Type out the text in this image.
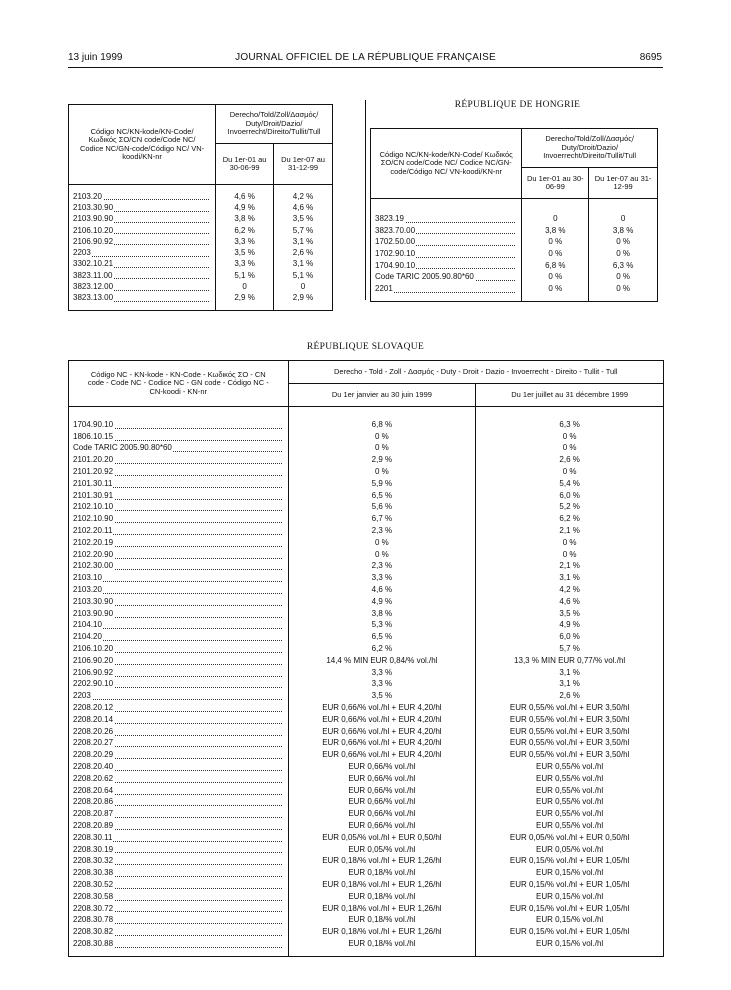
13 juin 1999	JOURNAL OFFICIEL DE LA RÉPUBLIQUE FRANÇAISE	8695
Código NC/KN-kode/KN-Code/ Κωδικός ΣΟ/CN code/Code NC/ Codice NC/GN-code/Código NC/ VN-koodi/KN-nr	Derecho/Told/Zoll/Δασμός/ Duty/Droit/Dazio/ Invoerrecht/Direito/Tullit/Tull	
	Du 1er-01 au 30-06-99	Du 1er-07 au 31-12-99

2103.20	4,6 %	4,2 %
2103.30.90	4,9 %	4,6 %
2103.90.90	3,8 %	3,5 %
2106.10.20	6,2 %	5,7 %
2106.90.92	3,3 %	3,1 %
2203	3,5 %	2,6 %
3302.10.21	3,3 %	3,1 %
3823.11.00	5,1 %	5,1 %
3823.12.00	0	0
3823.13.00	2,9 %	2,9 %

RÉPUBLIQUE DE HONGRIE
Código NC/KN-kode/KN-Code/ Κωδικός ΣΟ/CN code/Code NC/ Codice NC/GN-code/Código NC/ VN-koodi/KN-nr	Derecho/Told/Zoll/Δασμός/ Duty/Droit/Dazio/ Invoerrecht/Direito/Tullit/Tull	
	Du 1er-01 au 30-06-99	Du 1er-07 au 31-12-99

3823.19	0	0
3823.70.00	3,8 %	3,8 %
1702.50.00	0 %	0 %
1702.90.10	0 %	0 %
1704.90.10	6,8 %	6,3 %
Code TARIC 2005.90.80*60	0 %	0 %
2201	0 %	0 %

RÉPUBLIQUE SLOVAQUE
Código NC - KN-kode - KN-Code - Κωδικός ΣΟ - CN code - Code NC - Codice NC - GN code - Código NC - CN-koodi - KN-nr	Derecho - Told - Zoll - Δασμός - Duty - Droit - Dazio - Invoerrecht - Direito - Tullit - Tull	
	Du 1er janvier au 30 juin 1999	Du 1er juillet au 31 décembre 1999

1704.90.10	6,8 %	6,3 %
1806.10.15	0 %	0 %
Code TARIC 2005.90.80*60	0 %	0 %
2101.20.20	2,9 %	2,6 %
2101.20.92	0 %	0 %
2101.30.11	5,9 %	5,4 %
2101.30.91	6,5 %	6,0 %
2102.10.10	5,6 %	5,2 %
2102.10.90	6,7 %	6,2 %
2102.20.11	2,3 %	2,1 %
2102.20.19	0 %	0 %
2102.20.90	0 %	0 %
2102.30.00	2,3 %	2,1 %
2103.10	3,3 %	3,1 %
2103.20	4,6 %	4,2 %
2103.30.90	4,9 %	4,6 %
2103.90.90	3,8 %	3,5 %
2104.10	5,3 %	4,9 %
2104.20	6,5 %	6,0 %
2106.10.20	6,2 %	5,7 %
2106.90.20	14,4 % MIN EUR 0,84/% vol./hl	13,3 % MIN EUR 0,77/% vol./hl
2106.90.92	3,3 %	3,1 %
2202.90.10	3,3 %	3,1 %
2203	3,5 %	2,6 %
2208.20.12	EUR 0,66/% vol./hl + EUR 4,20/hl	EUR 0,55/% vol./hl + EUR 3,50/hl
2208.20.14	EUR 0,66/% vol./hl + EUR 4,20/hl	EUR 0,55/% vol./hl + EUR 3,50/hl
2208.20.26	EUR 0,66/% vol./hl + EUR 4,20/hl	EUR 0,55/% vol./hl + EUR 3,50/hl
2208.20.27	EUR 0,66/% vol./hl + EUR 4,20/hl	EUR 0,55/% vol./hl + EUR 3,50/hl
2208.20.29	EUR 0,66/% vol./hl + EUR 4,20/hl	EUR 0,55/% vol./hl + EUR 3,50/hl
2208.20.40	EUR 0,66/% vol./hl	EUR 0,55/% vol./hl
2208.20.62	EUR 0,66/% vol./hl	EUR 0,55/% vol./hl
2208.20.64	EUR 0,66/% vol./hl	EUR 0,55/% vol./hl
2208.20.86	EUR 0,66/% vol./hl	EUR 0,55/% vol./hl
2208.20.87	EUR 0,66/% vol./hl	EUR 0,55/% vol./hl
2208.20.89	EUR 0,66/% vol./hl	EUR 0,55/% vol./hl
2208.30.11	EUR 0,05/% vol./hl + EUR 0,50/hl	EUR 0,05/% vol./hl + EUR 0,50/hl
2208.30.19	EUR 0,05/% vol./hl	EUR 0,05/% vol./hl
2208.30.32	EUR 0,18/% vol./hl + EUR 1,26/hl	EUR 0,15/% vol./hl + EUR 1,05/hl
2208.30.38	EUR 0,18/% vol./hl	EUR 0,15/% vol./hl
2208.30.52	EUR 0,18/% vol./hl + EUR 1,26/hl	EUR 0,15/% vol./hl + EUR 1,05/hl
2208.30.58	EUR 0,18/% vol./hl	EUR 0,15/% vol./hl
2208.30.72	EUR 0,18/% vol./hl + EUR 1,26/hl	EUR 0,15/% vol./hl + EUR 1,05/hl
2208.30.78	EUR 0,18/% vol./hl	EUR 0,15/% vol./hl
2208.30.82	EUR 0,18/% vol./hl + EUR 1,26/hl	EUR 0,15/% vol./hl + EUR 1,05/hl
2208.30.88	EUR 0,18/% vol./hl	EUR 0,15/% vol./hl
